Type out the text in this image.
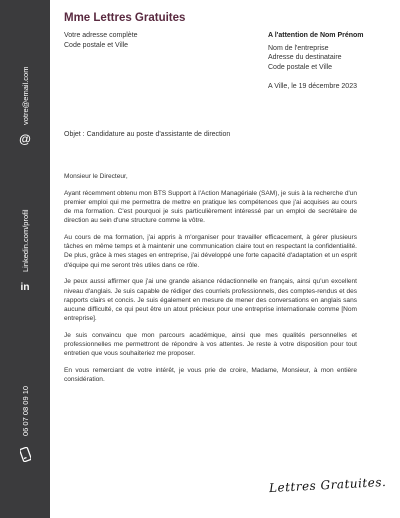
@
votre@email.com
in
Linkedin.com/profil
06 07 08 09 10
Mme Lettres Gratuites
Votre adresse complète
Code postale et Ville
A l'attention de Nom Prénom
Nom de l'entreprise
Adresse du destinataire
Code postale et Ville
A Ville, le 19 décembre 2023
Objet : Candidature au poste d'assistante de direction

Monsieur le Directeur,

Ayant récemment obtenu mon BTS Support à l'Action Managériale (SAM), je suis à la recherche d'un premier emploi qui me permettra de mettre en pratique les compétences que j'ai acquises au cours de ma formation. C'est pourquoi je suis particulièrement intéressé par un emploi de secrétaire de direction au sein d'une structure comme la vôtre.

Au cours de ma formation, j'ai appris à m'organiser pour travailler efficacement, à gérer plusieurs tâches en même temps et à maintenir une communication claire tout en respectant la confidentialité. De plus, grâce à mes stages en entreprise, j'ai développé une forte capacité d'adaptation et un esprit d'équipe qui me seront très utiles dans ce rôle.

Je peux aussi affirmer que j'ai une grande aisance rédactionnelle en français, ainsi qu'un excellent niveau d'anglais. Je suis capable de rédiger des courriels professionnels, des comptes-rendus et des rapports clairs et concis. Je suis également en mesure de mener des conversations en anglais sans aucune difficulté, ce qui peut être un atout précieux pour une entreprise internationale comme [Nom entreprise].

Je suis convaincu que mon parcours académique, ainsi que mes qualités personnelles et professionnelles me permettront de répondre à vos attentes. Je reste à votre disposition pour tout entretien que vous souhaiteriez me proposer.

En vous remerciant de votre intérêt, je vous prie de croire, Madame, Monsieur, à mon entière considération.

Lettres Gratuites.
